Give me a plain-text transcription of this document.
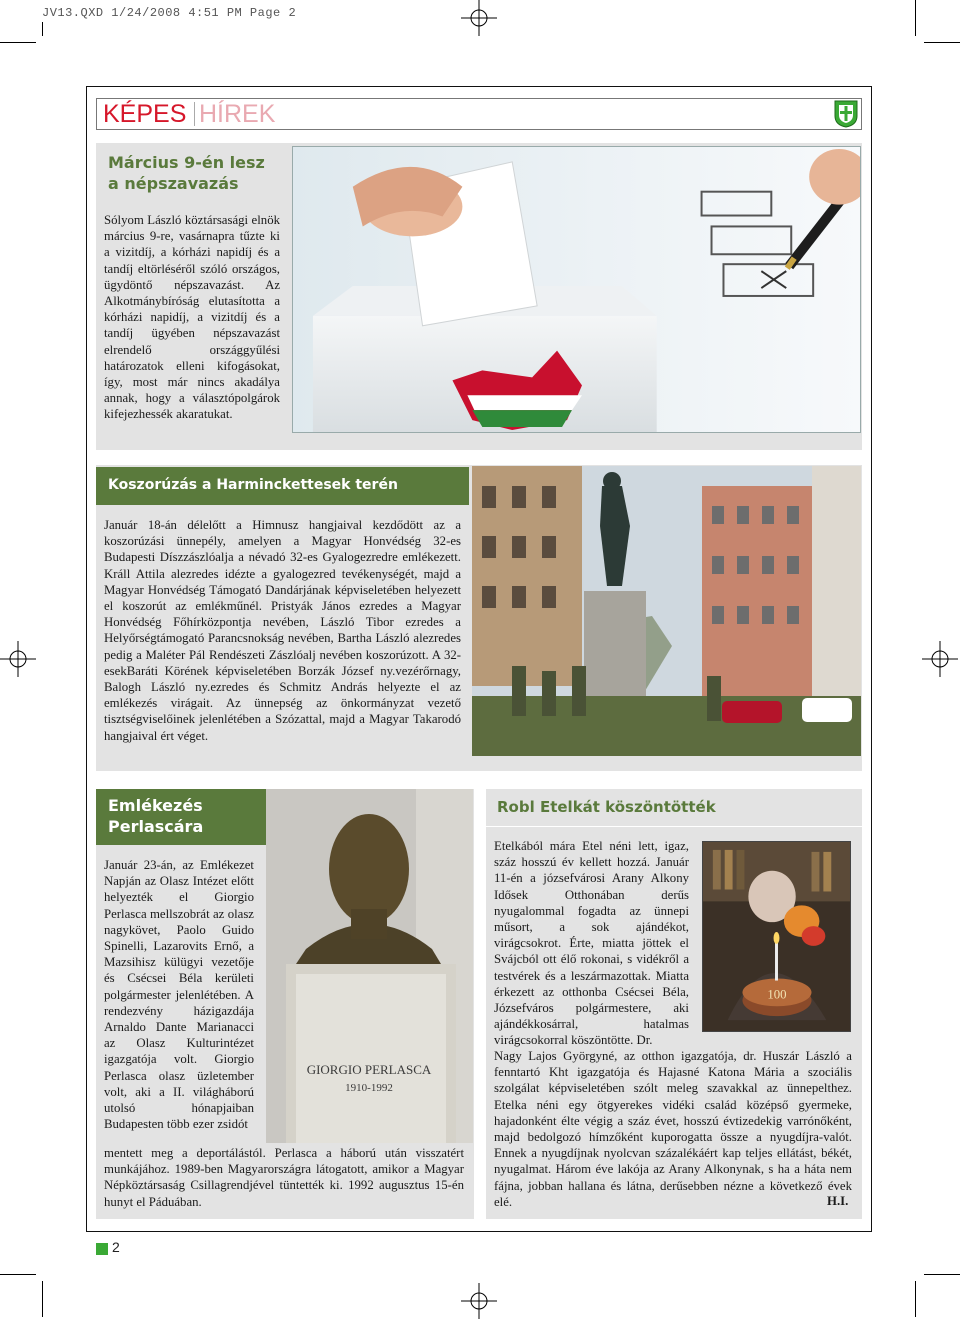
JV13.QXD 1/24/2008 4:51 PM Page 2
KÉPES HÍREK
Március 9-én lesz
a népszavazás
Sólyom László köztársasági elnök március 9-re, vasárnapra tűzte ki a vizitdíj, a kórházi napidíj és a tandíj eltörléséről szóló országos, ügydöntő népszavazást. Az Alkotmánybíróság elutasította a kórházi napidíj, a vizitdíj és a tandíj ügyében népszavazást elrendelő országgyűlési határozatok elleni kifogásokat, így, most már nincs akadálya annak, hogy a választópolgárok kifejezhessék akaratukat.
Koszorúzás a Harminckettesek terén
Január 18-án délelőtt a Himnusz hangjaival kezdődött az a koszorúzási ünnepély, amelyen a Magyar Honvédség 32-es Budapesti Díszzászlóalja a névadó 32-es Gyalogezredre emlékezett. Králl Attila alezredes idézte a gyalogezred tevékenységét, majd a Magyar Honvédség Támogató Dandárjának képviseletében helyezett el koszorút az emlékműnél. Pristyák János ezredes a Magyar Honvédség Főhírközpontja nevében, László Tibor ezredes a Helyőrségtámogató Parancsnokság nevében, Bartha László alezredes pedig a Maléter Pál Rendészeti Zászlóalj nevében koszorúzott. A 32-esekBaráti Körének képviseletében Borzák József ny.vezérőrnagy, Balogh László ny.ezredes és Schmitz András helyezte el az emlékezés virágait. Az ünnepség az önkormányzat vezető tisztségviselőinek jelenlétében a Szózattal, majd a Magyar Takarodó hangjaival ért véget.
Emlékezés
Perlascára
Január 23-án, az Emlékezet Napján az Olasz Intézet előtt helyezték el Giorgio Perlasca mellszobrát az olasz nagykövet, Paolo Guido Spinelli, Lazarovits Ernő, a Mazsihisz külügyi vezetője és Csécsei Béla kerületi polgármester jelenlétében. A rendezvény házigazdája Arnaldo Dante Marianacci az Olasz Kulturintézet igazgatója volt. Giorgio Perlasca olasz üzletember volt, aki a II. világháború utolsó hónapjaiban Budapesten több ezer zsidót
mentett meg a deportálástól. Perlasca a háború után visszatért munkájához. 1989-ben Magyarországra látogatott, amikor a Magyar Népköztársaság Csillagrendjével tüntették ki. 1992 augusztus 15-én hunyt el Páduában.
GIORGIO PERLASCA
1910-1992
Robl Etelkát köszöntötték
Etelkából mára Etel néni lett, igaz, száz hosszú év kellett hozzá. Január 11-én a józsefvárosi Arany Alkony Idősek Otthonában derűs nyugalommal fogadta az ünnepi műsort, a sok ajándékot, virágcsokrot. Érte, miatta jöttek el Svájcból ott élő rokonai, s vidékről a testvérek és a leszármazottak. Miatta érkezett az otthonba Csécsei Béla, Józsefváros polgármestere, aki ajándékkosárral, hatalmas virágcsokorral köszöntötte. Dr.
Nagy Lajos Györgyné, az otthon igazgatója, dr. Huszár László a fenntartó Kht igazgatója és Hajasné Katona Mária a szociális szolgálat képviseletében szólt meleg szavakkal az ünnepelthez. Etelka néni egy ötgyerekes vidéki család középső gyermeke, hajadonként élte végig a száz évet, hosszú évtizedekig varrónőként, majd bedolgozó hímzőként kuporogatta össze a nyugdíjra-valót. Ennek a nyugdíjnak nyolcvan százalékáért kap teljes ellátást, békét, nyugalmat. Három éve lakója az Arany Alkonynak, s ha a háta nem fájna, jobban hallana és látna, derűsebben nézne a következő évek elé.	H.I.
100
2
